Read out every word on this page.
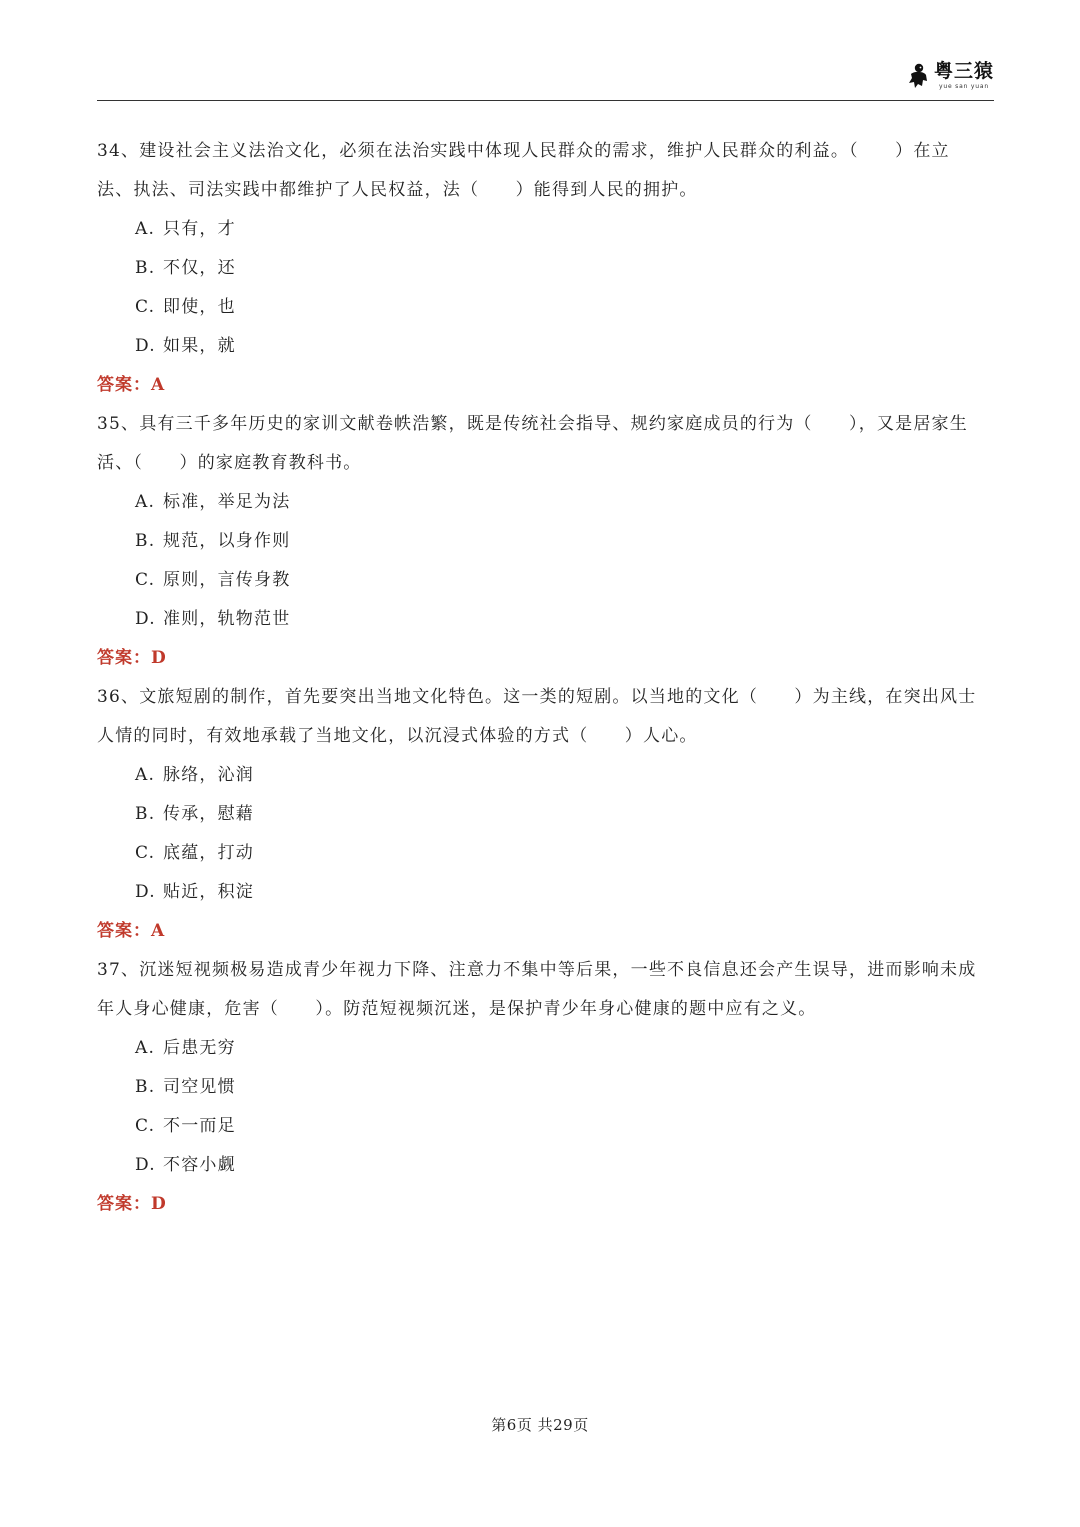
粤三猿
yue san yuan

34、建设社会主义法治文化，必须在法治实践中体现人民群众的需求，维护人民群众的利益。（　　）在立法、执法、司法实践中都维护了人民权益，法（　　）能得到人民的拥护。

A. 只有，才

B. 不仅，还

C. 即使，也

D. 如果，就

答案：A

35、具有三千多年历史的家训文献卷帙浩繁，既是传统社会指导、规约家庭成员的行为（　　），又是居家生活、（　　）的家庭教育教科书。

A. 标准，举足为法

B. 规范，以身作则

C. 原则，言传身教

D. 准则，轨物范世

答案：D

36、文旅短剧的制作，首先要突出当地文化特色。这一类的短剧。以当地的文化（　　）为主线，在突出风士人情的同时，有效地承载了当地文化，以沉浸式体验的方式（　　）人心。

A. 脉络，沁润

B. 传承，慰藉

C. 底蕴，打动

D. 贴近，积淀

答案：A

37、沉迷短视频极易造成青少年视力下降、注意力不集中等后果，一些不良信息还会产生误导，进而影响未成年人身心健康，危害（　　）。防范短视频沉迷，是保护青少年身心健康的题中应有之义。

A. 后患无穷

B. 司空见惯

C. 不一而足

D. 不容小觑

答案：D

第6页 共29页
